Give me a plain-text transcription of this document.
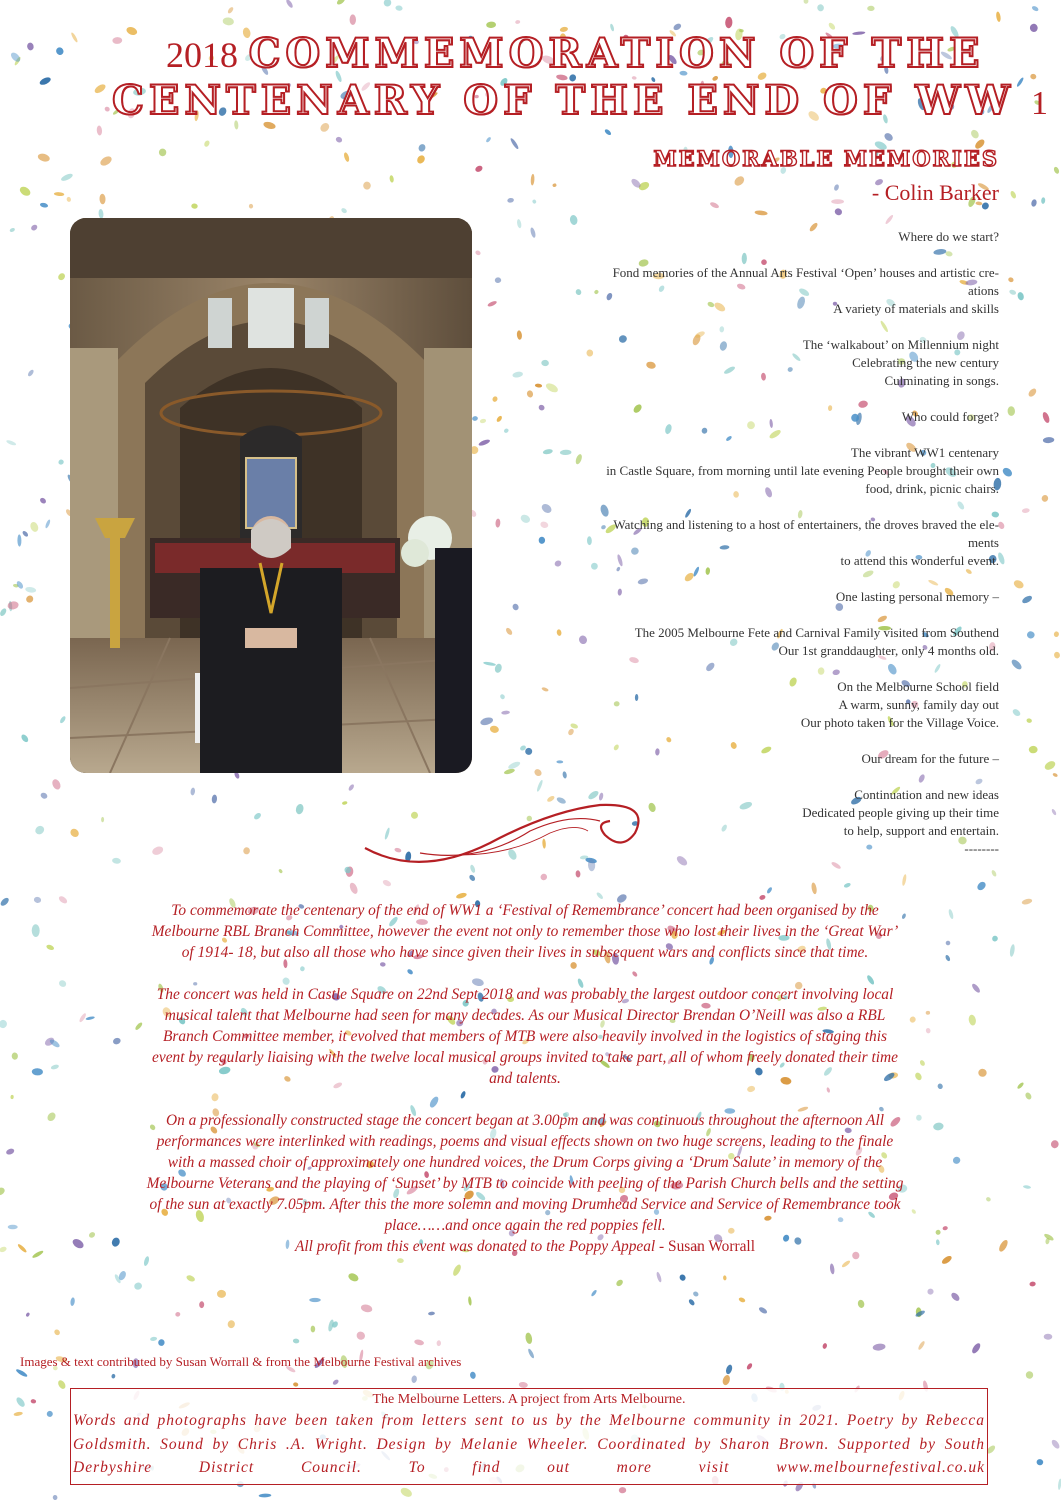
2018 COMMEMORATION OF THE
CENTENARY OF THE END OF WW 1
MEMORABLE MEMORIES
- Colin Barker

Where do we start?

Fond memories of the Annual Arts Festival ‘Open’ houses and artistic cre-
ations
A variety of materials and skills

The ‘walkabout’ on Millennium night
Celebrating the new century
Culminating in songs.

Who could forget?

The vibrant WW1 centenary
in Castle Square, from morning until late evening People brought their own
food, drink, picnic chairs.

Watching and listening to a host of entertainers, the droves braved the ele-
ments
to attend this wonderful event.

One lasting personal memory –

The 2005 Melbourne Fete and Carnival Family visited from Southend
Our 1st granddaughter, only 4 months old.

On the Melbourne School field
A warm, sunny, family day out
Our photo taken for the Village Voice.

Our dream for the future –

Continuation and new ideas
Dedicated people giving up their time
to help, support and entertain.
--------

To commemorate the centenary of the end of WW1 a ‘Festival of Remembrance’ concert had been organised by the Melbourne RBL Branch Committee, however the event not only to remember those who lost their lives in the ‘Great War’ of 1914- 18, but also all those who have since given their lives in subsequent wars and conflicts since that time.

The concert was held in Castle Square on 22nd Sept 2018 and was probably the largest outdoor concert involving local musical talent that Melbourne had seen for many decades. As our Musical Director Brendan O’Neill was also a RBL Branch Committee member, it evolved that members of MTB were also heavily involved in the logistics of staging this event by regularly liaising with the twelve local musical groups invited to take part, all of whom freely donated their time and talents.

On a professionally constructed stage the concert began at 3.00pm and was continuous throughout the afternoon All performances were interlinked with readings, poems and visual effects shown on two huge screens, leading to the finale with a massed choir of approximately one hundred voices, the Drum Corps giving a ‘Drum Salute’ in memory of the Melbourne Veterans and the playing of ‘Sunset’ by MTB to coincide with peeling of the Parish Church bells and the setting of the sun at exactly 7.05pm. After this the more solemn and moving Drumhead Service and Service of Remembrance took place……and once again the red poppies fell.

All profit from this event was donated to the Poppy Appeal - Susan Worrall
Images & text contributed by Susan Worrall & from the Melbourne Festival archives
The Melbourne Letters. A project from Arts Melbourne.
Words and photographs have been taken from letters sent to us by the Melbourne community in 2021. Poetry by Rebecca Goldsmith. Sound by Chris .A. Wright. Design by Melanie Wheeler. Coordinated by Sharon Brown. Supported by South Derbyshire District Council. To find out more visit www.melbournefestival.co.uk
